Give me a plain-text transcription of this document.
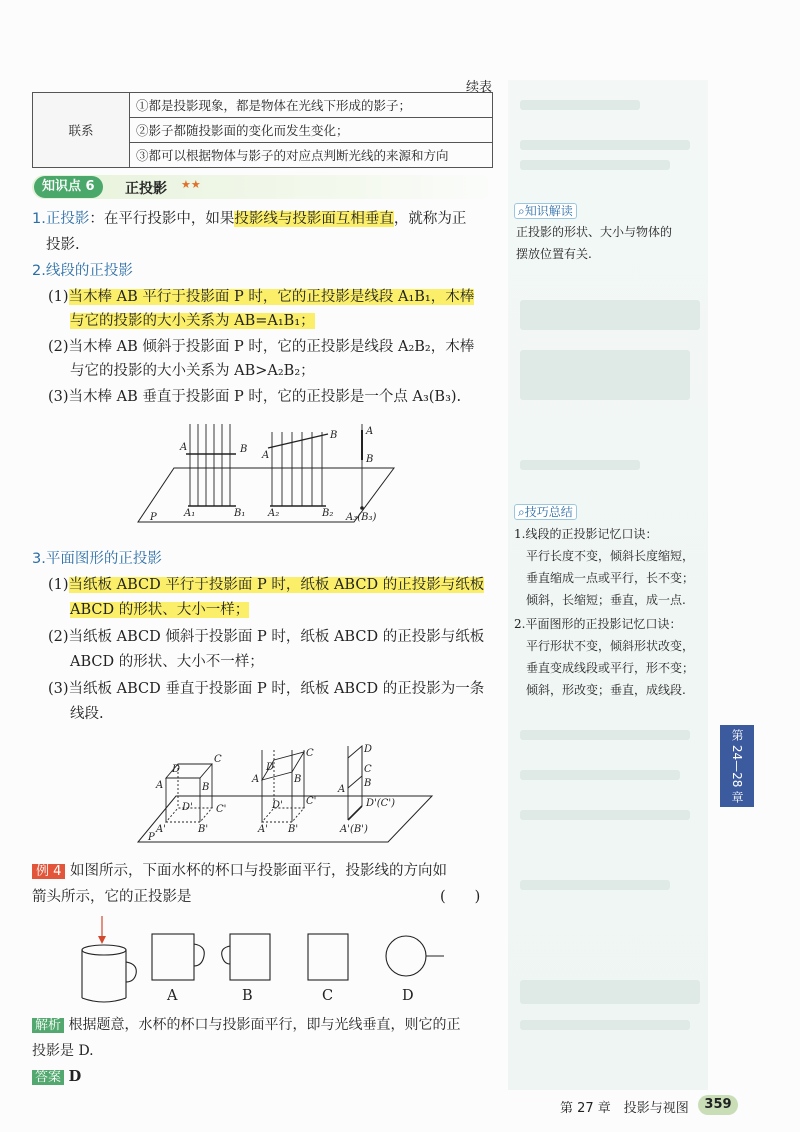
续表
联系	①都是投影现象，都是物体在光线下形成的影子；
②影子都随投影面的变化而发生变化；
③都可以根据物体与影子的对应点判断光线的来源和方向
知识点 6	正投影 ★★

1.正投影：在平行投影中，如果投影线与投影面互相垂直，就称为正

投影.

2.线段的正投影

(1)当木棒 AB 平行于投影面 P 时，它的正投影是线段 A₁B₁，木棒

与它的投影的大小关系为 AB=A₁B₁；

(2)当木棒 AB 倾斜于投影面 P 时，它的正投影是线段 A₂B₂，木棒

与它的投影的大小关系为 AB>A₂B₂；

(3)当木棒 AB 垂直于投影面 P 时，它的正投影是一个点 A₃(B₃).

A	B
A
B	A
B
P	A₁	B₁ A₂	B₂ A₃(B₃)

3.平面图形的正投影

(1)当纸板 ABCD 平行于投影面 P 时，纸板 ABCD 的正投影与纸板

ABCD 的形状、大小一样；

(2)当纸板 ABCD 倾斜于投影面 P 时，纸板 ABCD 的正投影与纸板

ABCD 的形状、大小不一样；

(3)当纸板 ABCD 垂直于投影面 P 时，纸板 ABCD 的正投影为一条

线段.

A	B
C
D
A'	B'
C'
D'
P
A	B
C
D
A' B'
C'
D'
A
B
C
D
D'(C')
A'(B')

例 4 如图所示，下面水杯的杯口与投影面平行，投影线的方向如

箭头所示，它的正投影是	(　　)

A	B	C	D

解析 根据题意，水杯的杯口与投影面平行，即与光线垂直，则它的正

投影是 D.

答案 D

⌕知识解读

正投影的形状、大小与物体的

摆放位置有关.

⌕技巧总结

1.线段的正投影记忆口诀：

平行长度不变，倾斜长度缩短，

垂直缩成一点或平行，长不变；

倾斜，长缩短；垂直，成一点.

2.平面图形的正投影记忆口诀：

平行形状不变，倾斜形状改变，

垂直变成线段或平行，形不变；

倾斜，形改变；垂直，成线段.

第 24—28 章
第 27 章　投影与视图	359
